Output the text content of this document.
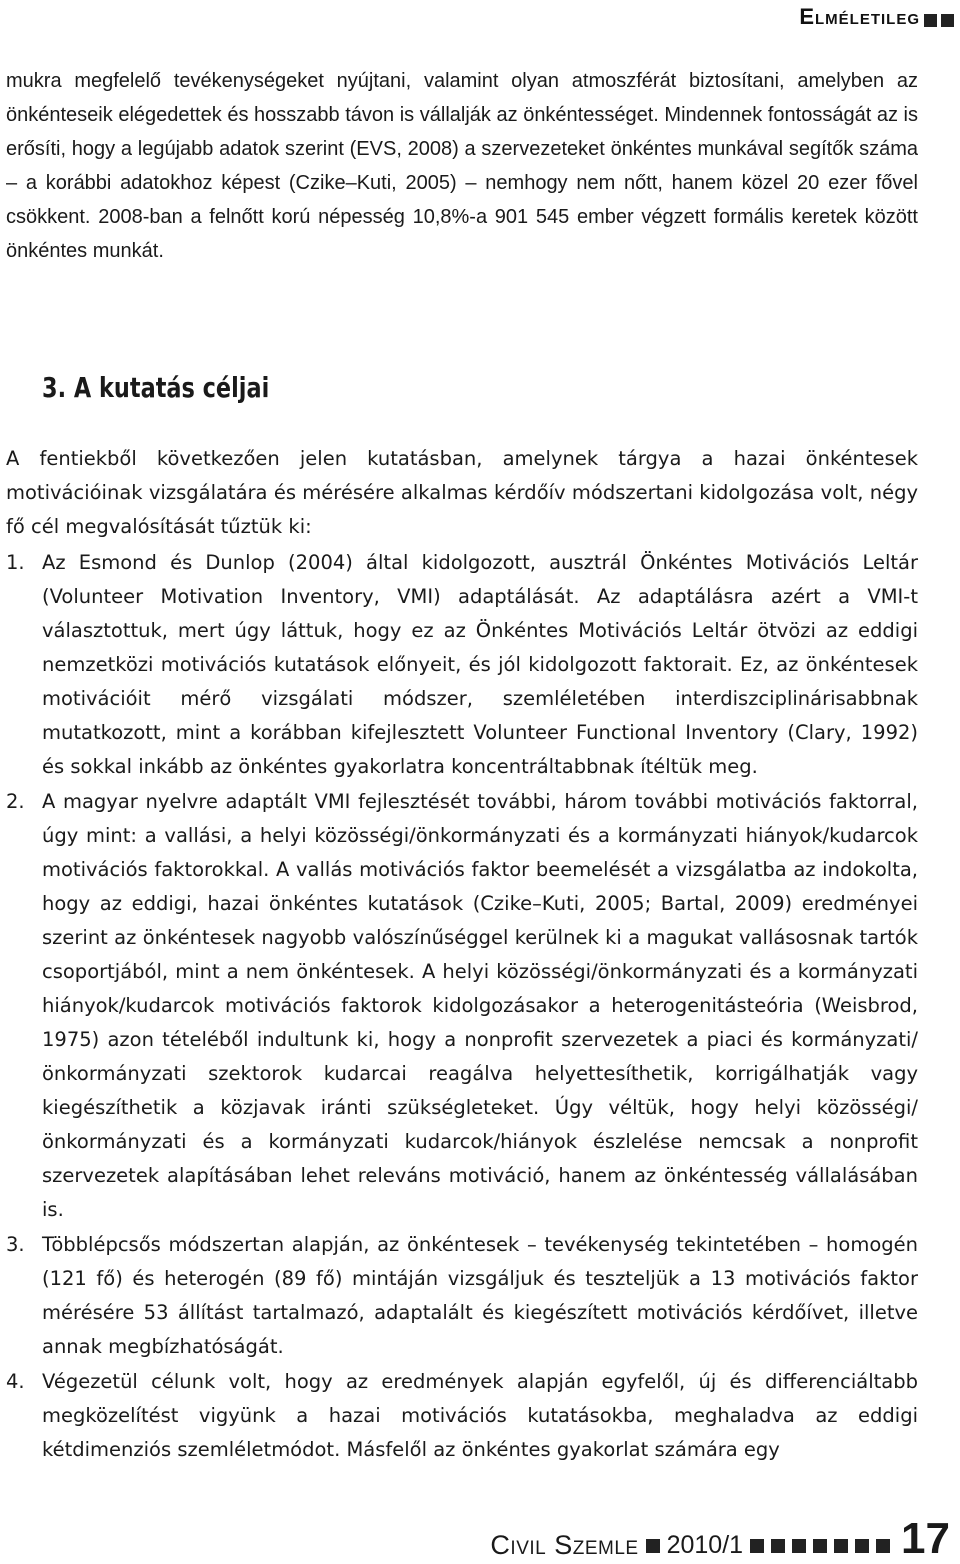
Elméletileg

mukra megfelelő tevékenységeket nyújtani, valamint olyan atmoszférát biztosítani, amelyben az önkénteseik elégedettek és hosszabb távon is vállalják az önkéntességet. Mindennek fontosságát az is erősíti, hogy a legújabb adatok szerint (EVS, 2008) a szervezeteket önkéntes munkával segítők száma – a korábbi adatokhoz képest (Czike–Kuti, 2005) – nemhogy nem nőtt, hanem közel 20 ezer fővel csökkent. 2008-ban a felnőtt korú népesség 10,8%-a 901 545 ember végzett formális keretek között önkéntes munkát.

3. A kutatás céljai

A fentiekből következően jelen kutatásban, amelynek tárgya a hazai önkéntesek motivációinak vizsgálatára és mérésére alkalmas kérdőív módszertani kidolgozása volt, négy fő cél megvalósítását tűztük ki:

1. Az Esmond és Dunlop (2004) által kidolgozott, ausztrál Önkéntes Motivációs Leltár (Volunteer Motivation Inventory, VMI) adaptálását. Az adaptálásra azért a VMI-t választottuk, mert úgy láttuk, hogy ez az Önkéntes Motivációs Leltár ötvözi az eddigi nemzetközi motivációs kutatások előnyeit, és jól kidolgozott faktorait. Ez, az önkéntesek motivációit mérő vizsgálati módszer, szemléletében interdiszciplinárisabbnak mutatkozott, mint a korábban kifejlesztett Volunteer Functional Inventory (Clary, 1992) és sokkal inkább az önkéntes gyakorlatra koncentráltabbnak ítéltük meg.
2. A magyar nyelvre adaptált VMI fejlesztését további, három további motivációs faktorral, úgy mint: a vallási, a helyi közösségi/önkormányzati és a kormányzati hiányok/kudarcok motivációs faktorokkal. A vallás motivációs faktor beemelését a vizsgálatba az indokolta, hogy az eddigi, hazai önkéntes kutatások (Czike–Kuti, 2005; Bartal, 2009) eredményei szerint az önkéntesek nagyobb valószínűséggel kerülnek ki a magukat vallásosnak tartók csoportjából, mint a nem önkéntesek. A helyi közösségi/önkormányzati és a kormányzati hiányok/kudarcok motivációs faktorok kidolgozásakor a heterogenitásteória (Weisbrod, 1975) azon tételéből indultunk ki, hogy a nonprofit szervezetek a piaci és kormányzati/önkormányzati szektorok kudarcai reagálva helyettesíthetik, korrigálhatják vagy kiegészíthetik a közjavak iránti szükségleteket. Úgy véltük, hogy helyi közösségi/önkormányzati és a kormányzati kudarcok/hiányok észlelése nemcsak a nonprofit szervezetek alapításában lehet releváns motiváció, hanem az önkéntesség vállalásában is.
3. Többlépcsős módszertan alapján, az önkéntesek – tevékenység tekintetében – homogén (121 fő) és heterogén (89 fő) mintáján vizsgáljuk és teszteljük a 13 motivációs faktor mérésére 53 állítást tartalmazó, adaptalált és kiegészített motivációs kérdőívet, illetve annak megbízhatóságát.
4. Végezetül célunk volt, hogy az eredmények alapján egyfelől, új és differenciáltabb megközelítést vigyünk a hazai motivációs kutatásokba, meghaladva az eddigi kétdimenziós szemléletmódot. Másfelől az önkéntes gyakorlat számára egy
Civil Szemle 2010/1	17
